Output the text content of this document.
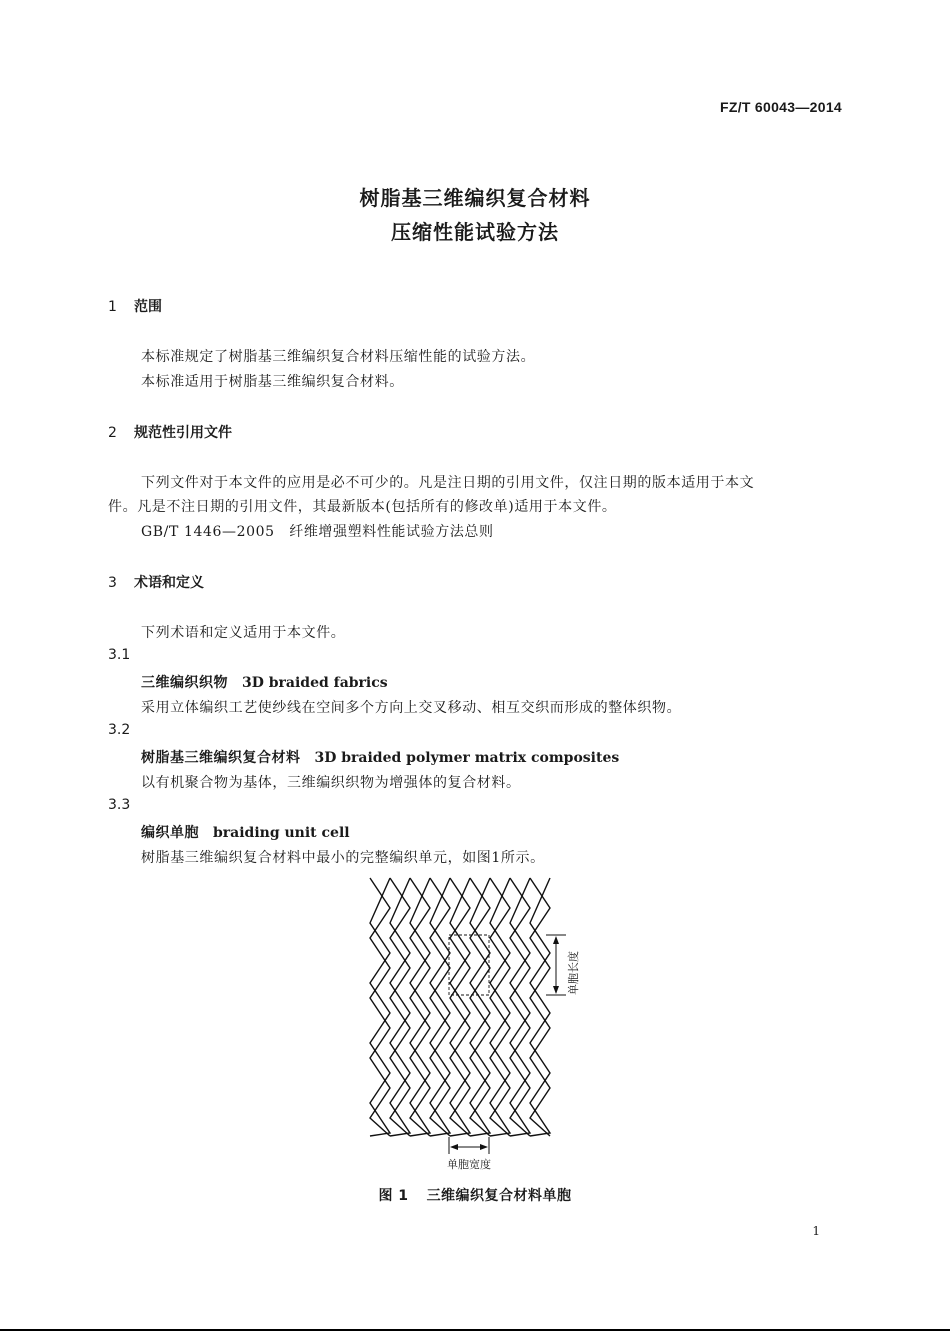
FZ/T 60043—2014
树脂基三维编织复合材料
压缩性能试验方法
1 范围
本标准规定了树脂基三维编织复合材料压缩性能的试验方法。
本标准适用于树脂基三维编织复合材料。
2 规范性引用文件
下列文件对于本文件的应用是必不可少的。凡是注日期的引用文件，仅注日期的版本适用于本文
件。凡是不注日期的引用文件，其最新版本(包括所有的修改单)适用于本文件。
GB/T 1446—2005　纤维增强塑料性能试验方法总则
3 术语和定义
下列术语和定义适用于本文件。
3.1
三维编织织物 3D braided fabrics
采用立体编织工艺使纱线在空间多个方向上交叉移动、相互交织而形成的整体织物。
3.2
树脂基三维编织复合材料 3D braided polymer matrix composites
以有机聚合物为基体，三维编织织物为增强体的复合材料。
3.3
编织单胞 braiding unit cell
树脂基三维编织复合材料中最小的完整编织单元，如图1所示。
单胞长度
单胞宽度
图 1 三维编织复合材料单胞
1
